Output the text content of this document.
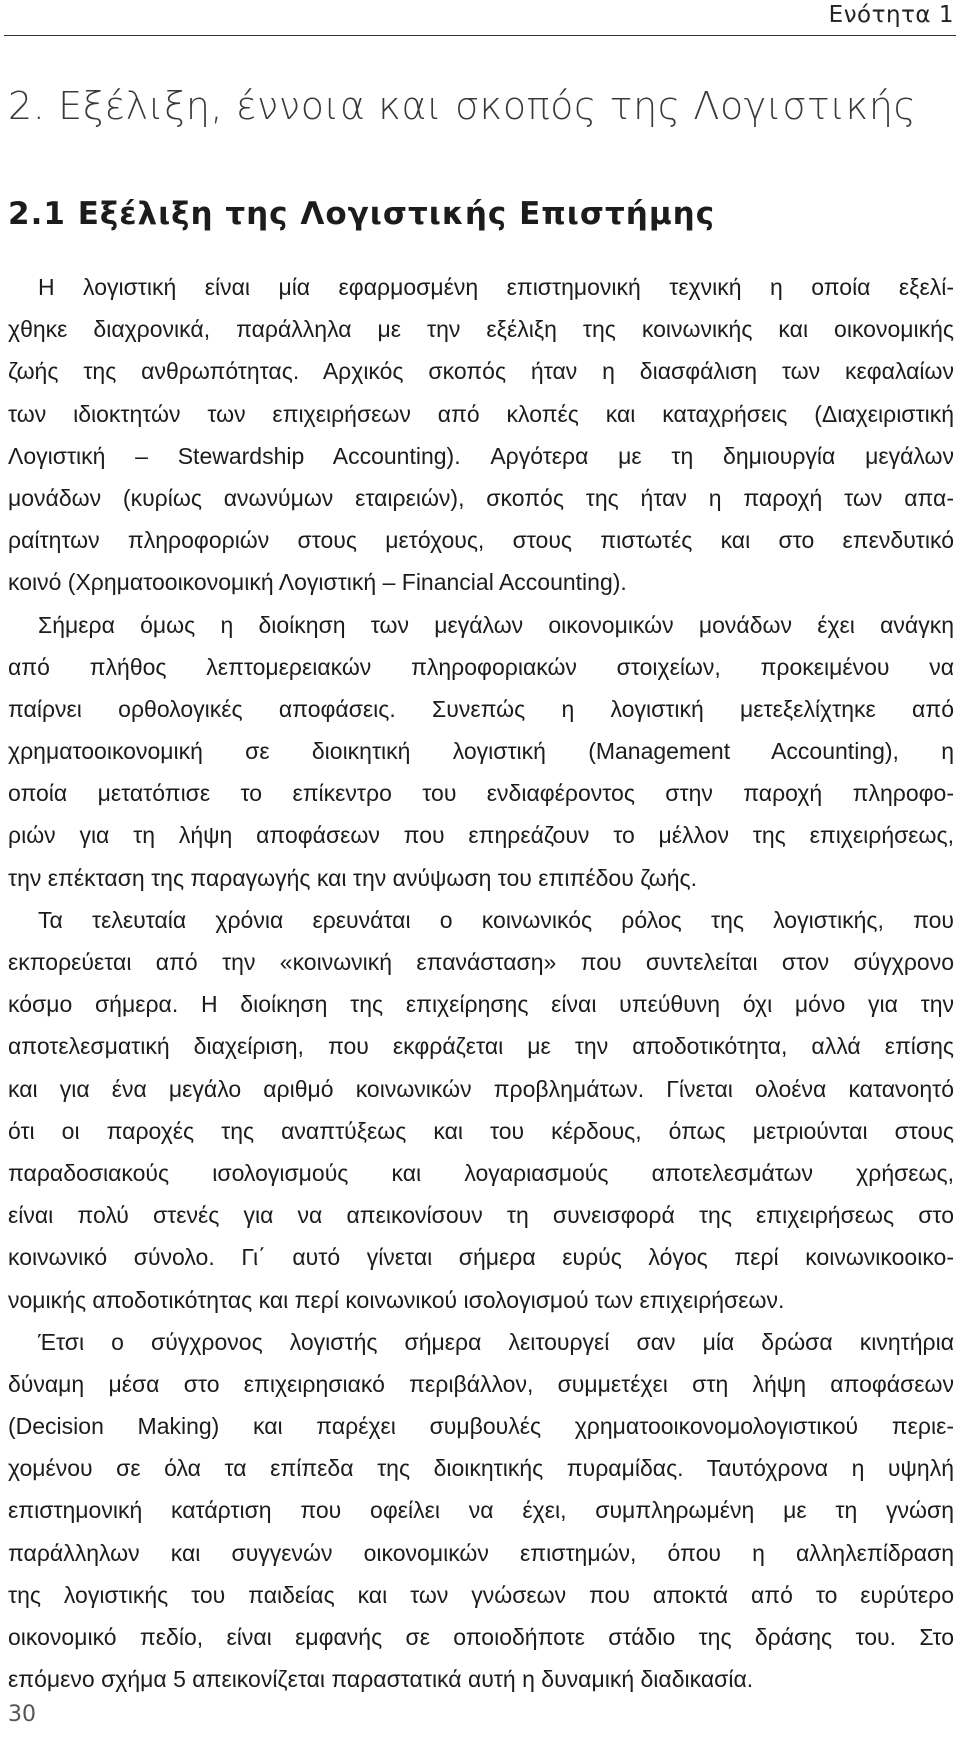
Ενότητα 1
2. Εξέλιξη, έννοια και σκοπός της Λογιστικής
2.1 Εξέλιξη της Λογιστικής Επιστήμης
Η λογιστική είναι μία εφαρμοσμένη επιστημονική τεχνική η οποία εξελί-
χθηκε διαχρονικά, παράλληλα με την εξέλιξη της κοινωνικής και οικονομικής
ζωής της ανθρωπότητας. Αρχικός σκοπός ήταν η διασφάλιση των κεφαλαίων
των ιδιοκτητών των επιχειρήσεων από κλοπές και καταχρήσεις (Διαχειριστική
Λογιστική – Stewardship Accounting). Αργότερα με τη δημιουργία μεγάλων
μονάδων (κυρίως ανωνύμων εταιρειών), σκοπός της ήταν η παροχή των απα-
ραίτητων πληροφοριών στους μετόχους, στους πιστωτές και στο επενδυτικό
κοινό (Χρηματοοικονομική Λογιστική – Financial Accounting).
Σήμερα όμως η διοίκηση των μεγάλων οικονομικών μονάδων έχει ανάγκη
από πλήθος λεπτομερειακών πληροφοριακών στοιχείων, προκειμένου να
παίρνει ορθολογικές αποφάσεις. Συνεπώς η λογιστική μετεξελίχτηκε από
χρηματοοικονομική σε διοικητική λογιστική (Management Accounting), η
οποία μετατόπισε το επίκεντρο του ενδιαφέροντος στην παροχή πληροφο-
ριών για τη λήψη αποφάσεων που επηρεάζουν το μέλλον της επιχειρήσεως,
την επέκταση της παραγωγής και την ανύψωση του επιπέδου ζωής.
Τα τελευταία χρόνια ερευνάται ο κοινωνικός ρόλος της λογιστικής, που
εκπορεύεται από την «κοινωνική επανάσταση» που συντελείται στον σύγχρονο
κόσμο σήμερα. Η διοίκηση της επιχείρησης είναι υπεύθυνη όχι μόνο για την
αποτελεσματική διαχείριση, που εκφράζεται με την αποδοτικότητα, αλλά επίσης
και για ένα μεγάλο αριθμό κοινωνικών προβλημάτων. Γίνεται ολοένα κατανοητό
ότι οι παροχές της αναπτύξεως και του κέρδους, όπως μετριούνται στους
παραδοσιακούς ισολογισμούς και λογαριασμούς αποτελεσμάτων χρήσεως,
είναι πολύ στενές για να απεικονίσουν τη συνεισφορά της επιχειρήσεως στο
κοινωνικό σύνολο. Γι΄ αυτό γίνεται σήμερα ευρύς λόγος περί κοινωνικοοικο-
νομικής αποδοτικότητας και περί κοινωνικού ισολογισμού των επιχειρήσεων.
Έτσι ο σύγχρονος λογιστής σήμερα λειτουργεί σαν μία δρώσα κινητήρια
δύναμη μέσα στο επιχειρησιακό περιβάλλον, συμμετέχει στη λήψη αποφάσεων
(Decision Making) και παρέχει συμβουλές χρηματοοικονομολογιστικού περιε-
χομένου σε όλα τα επίπεδα της διοικητικής πυραμίδας. Ταυτόχρονα η υψηλή
επιστημονική κατάρτιση που οφείλει να έχει, συμπληρωμένη με τη γνώση
παράλληλων και συγγενών οικονομικών επιστημών, όπου η αλληλεπίδραση
της λογιστικής του παιδείας και των γνώσεων που αποκτά από το ευρύτερο
οικονομικό πεδίο, είναι εμφανής σε οποιοδήποτε στάδιο της δράσης του. Στο
επόμενο σχήμα 5 απεικονίζεται παραστατικά αυτή η δυναμική διαδικασία.
30
